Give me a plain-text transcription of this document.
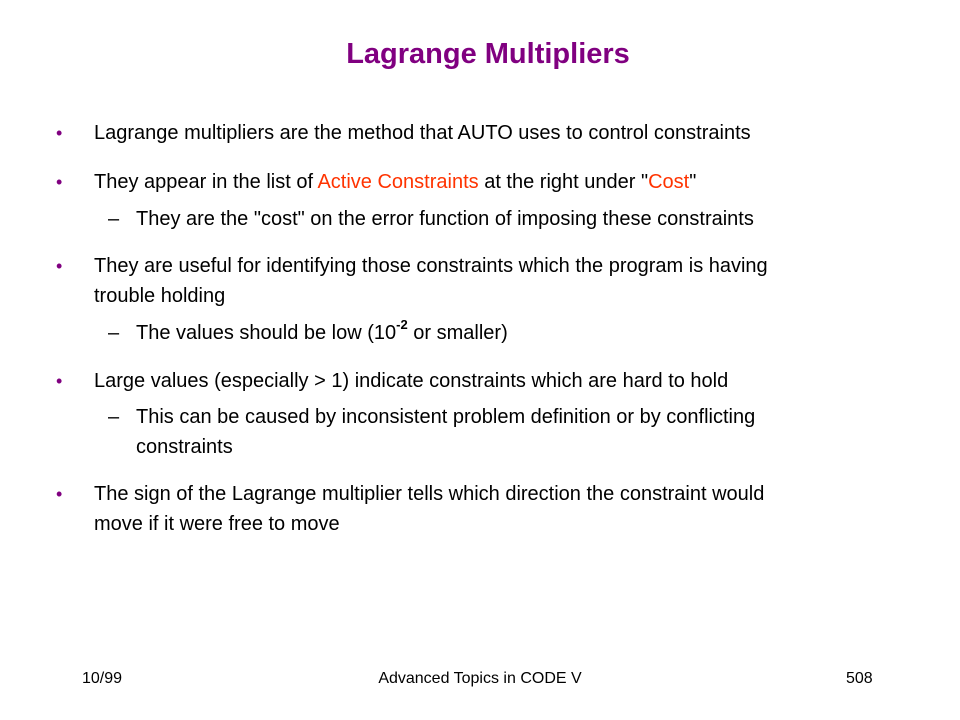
Lagrange Multipliers
• Lagrange multipliers are the method that AUTO uses to control constraints
• They appear in the list of Active Constraints at the right under "Cost"
– They are the "cost" on the error function of imposing these constraints
• They are useful for identifying those constraints which the program is having
trouble holding
– The values should be low ($10^{-2}$ or smaller)
• Large values (especially > 1) indicate constraints which are hard to hold
– This can be caused by inconsistent problem definition or by conflicting
constraints
• The sign of the Lagrange multiplier tells which direction the constraint would
move if it were free to move
10/99	Advanced Topics in CODE V	508
